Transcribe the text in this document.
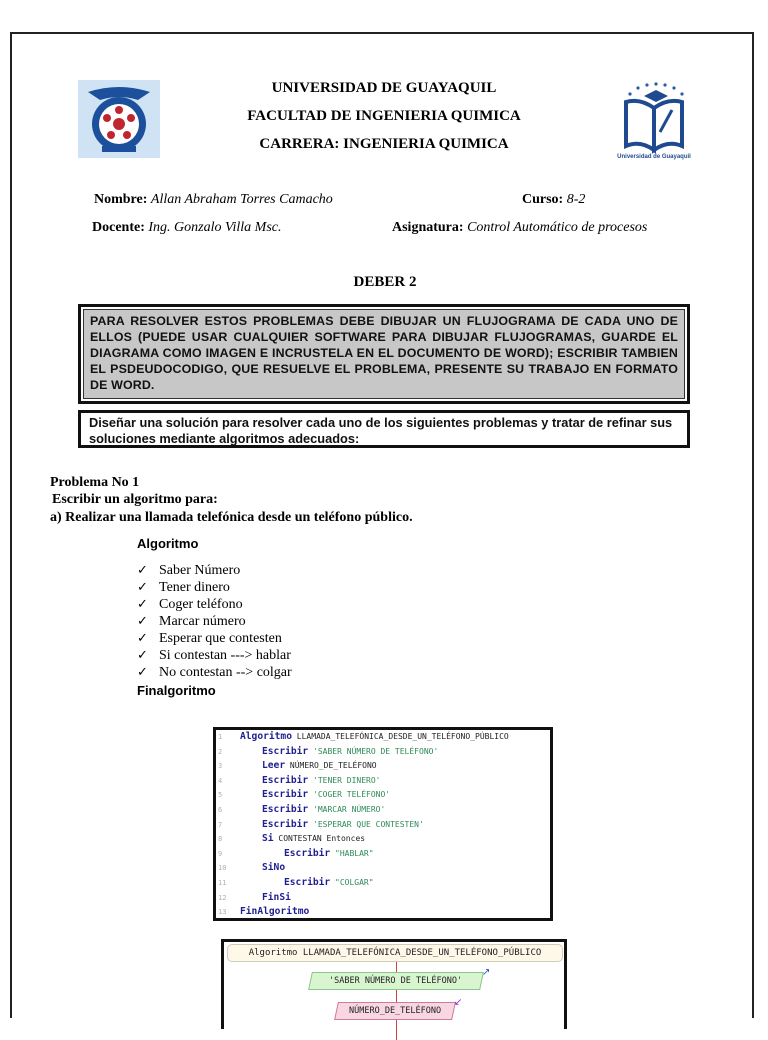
UNIVERSIDAD DE GUAYAQUIL
FACULTAD DE INGENIERIA QUIMICA
CARRERA: INGENIERIA QUIMICA
Universidad de Guayaquil
Nombre: Allan Abraham Torres Camacho	Curso: 8-2
Docente: Ing. Gonzalo Villa Msc.	Asignatura: Control Automático de procesos
DEBER 2
PARA RESOLVER ESTOS PROBLEMAS DEBE DIBUJAR UN FLUJOGRAMA DE CADA UNO DE ELLOS (PUEDE USAR CUALQUIER SOFTWARE PARA DIBUJAR FLUJOGRAMAS, GUARDE EL DIAGRAMA COMO IMAGEN E INCRUSTELA EN EL DOCUMENTO DE WORD); ESCRIBIR TAMBIEN EL PSDEUDOCODIGO, QUE RESUELVE EL PROBLEMA, PRESENTE SU TRABAJO EN FORMATO DE WORD.
Diseñar una solución para resolver cada uno de los siguientes problemas y tratar de refinar sus soluciones mediante algoritmos adecuados:
Problema No 1
Escribir un algoritmo para:
a) Realizar una llamada telefónica desde un teléfono público.
Algoritmo
✓ Saber Número
✓ Tener dinero
✓ Coger teléfono
✓ Marcar número
✓ Esperar que contesten
✓ Si contestan ---> hablar
✓ No contestan --> colgar
Finalgoritmo
1 Algoritmo LLAMADA_TELEFÓNICA_DESDE_UN_TELÉFONO_PÚBLICO
2	Escribir 'SABER NÚMERO DE TELÉFONO'
3	Leer NÚMERO_DE_TELÉFONO
4	Escribir 'TENER DINERO'
5	Escribir 'COGER TELÉFONO'
6	Escribir 'MARCAR NÚMERO'
7	Escribir 'ESPERAR QUE CONTESTEN'
8	Si CONTESTAN Entonces
9	Escribir "HABLAR"
10	SiNo
11	Escribir "COLGAR"
12	FinSi
13 FinAlgoritmo
Algoritmo LLAMADA_TELEFÓNICA_DESDE_UN_TELÉFONO_PÚBLICO
'SABER NÚMERO DE TELÉFONO'
↗
NÚMERO_DE_TELÉFONO
↙
